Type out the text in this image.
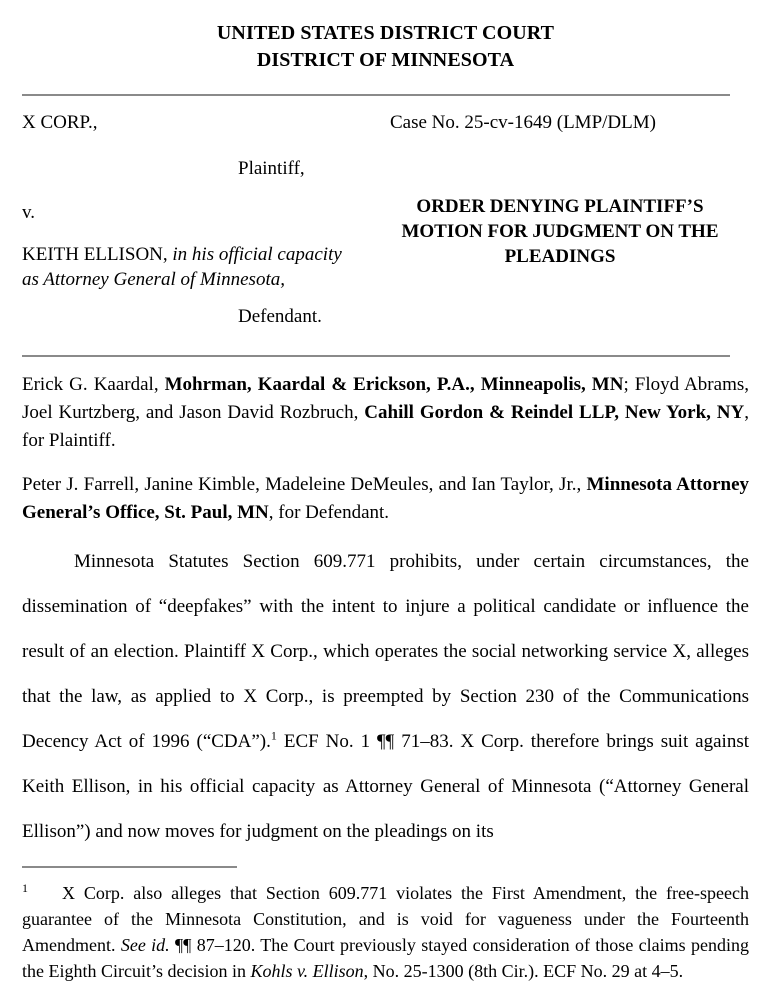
UNITED STATES DISTRICT COURT
DISTRICT OF MINNESOTA
X CORP.,	Case No. 25-cv-1649 (LMP/DLM)
Plaintiff,
v.	ORDER DENYING PLAINTIFF’S MOTION FOR JUDGMENT ON THE PLEADINGS
KEITH ELLISON, in his official capacity
as Attorney General of Minnesota,
Defendant.

Erick G. Kaardal, Mohrman, Kaardal & Erickson, P.A., Minneapolis, MN; Floyd Abrams, Joel Kurtzberg, and Jason David Rozbruch, Cahill Gordon & Reindel LLP, New York, NY, for Plaintiff.

Peter J. Farrell, Janine Kimble, Madeleine DeMeules, and Ian Taylor, Jr., Minnesota Attorney General’s Office, St. Paul, MN, for Defendant.

Minnesota Statutes Section 609.771 prohibits, under certain circumstances, the dissemination of “deepfakes” with the intent to injure a political candidate or influence the result of an election. Plaintiff X Corp., which operates the social networking service X, alleges that the law, as applied to X Corp., is preempted by Section 230 of the Communications Decency Act of 1996 (“CDA”).$^1$ ECF No. 1 ¶¶ 71–83. X Corp. therefore brings suit against Keith Ellison, in his official capacity as Attorney General of Minnesota (“Attorney General Ellison”) and now moves for judgment on the pleadings on its

$^1$ X Corp. also alleges that Section 609.771 violates the First Amendment, the free-speech guarantee of the Minnesota Constitution, and is void for vagueness under the Fourteenth Amendment. See id. ¶¶ 87–120. The Court previously stayed consideration of those claims pending the Eighth Circuit’s decision in Kohls v. Ellison, No. 25-1300 (8th Cir.). ECF No. 29 at 4–5.
